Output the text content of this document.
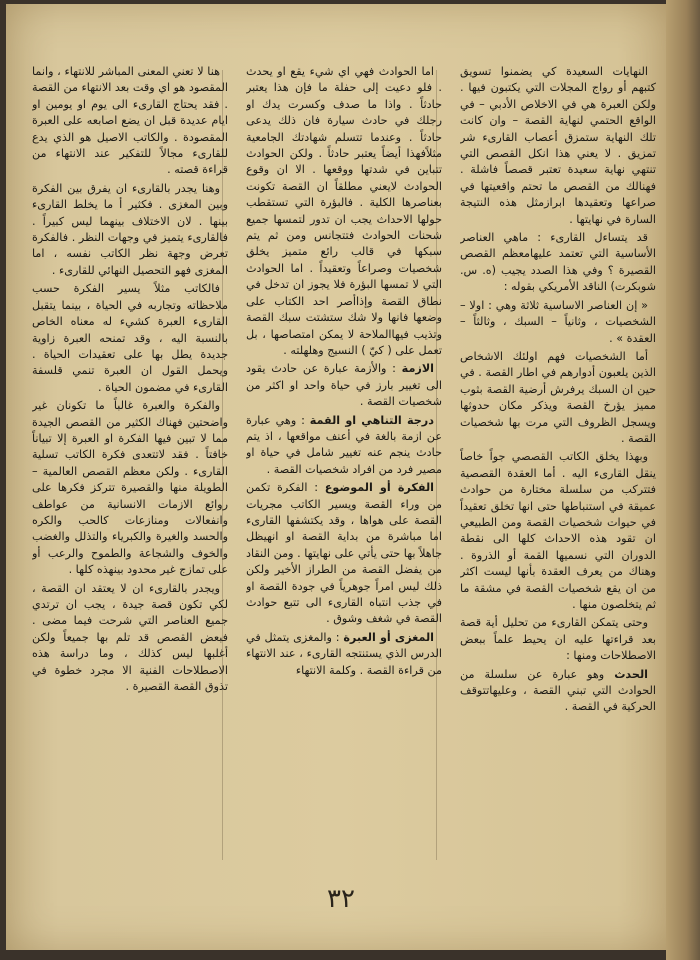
النهايات السعيدة كي يضمنوا تسويق كتبهم أو رواج المجلات التي يكتبون فيها . ولكن العبرة هي في الاخلاص الأدبي – في الواقع الحتمي لنهاية القصة – وان كانت تلك النهاية ستمزق أعصاب القارىء شر تمزيق . لا يعني هذا انكل القصص التي تنتهي نهاية سعيدة تعتبر قصصاً فاشلة . فهنالك من القصص ما تحتم واقعيتها في صراعها وتعقيدها ابرازمثل هذه النتيجة السارة في نهايتها .

قد يتساءل القارىء : ماهي العناصر الأساسية التي تعتمد عليهامعظم القصص القصيرة ؟ وفي هذا الصدد يجيب (ه. س. شوبكرت) الناقد الأمريكي بقوله :

« إن العناصر الاساسية ثلاثة وهي : اولا – الشخصيات ، وثانياً – السبك ، وثالثاً – العقدة » .

أما الشخصيات فهم اولئك الاشخاص الذين يلعبون أدوارهم في اطار القصة . في حين ان السبك يرفرش أرضية القصة بثوب مميز يؤرخ القصة ويذكر مكان حدوثها ويسجل الظروف التي مرت بها شخصيات القصة .

وبهذا يخلق الكاتب القصصي جواً خاصاً ينقل القارىء اليه . أما العقدة القصصية فتتركب من سلسلة مختارة من حوادث عميقة في استنباطها حتى انها تخلق تعقيداً في حيوات شخصيات القصة ومن الطبيعي ان تقود هذه الاحداث كلها الى نقطة الدوران التي نسميها القمة أو الذروة . وهناك من يعرف العقدة بأنها ليست اكثر من ان يقع شخصيات القصة في مشقة ما ثم يتخلصون منها .

وحتى يتمكن القارىء من تحليل أية قصة بعد قراءتها عليه ان يحيط علماً ببعض الاصطلاحات ومنها :

الحدث وهو عبارة عن سلسلة من الحوادث التي تبني القصة ، وعليهاتتوقف الحركية في القصة .

اما الحوادث فهي اي شيء يقع او يحدث . فلو دعيت إلى حفلة ما فإن هذا يعتبر حادثاً . واذا ما صدف وكسرت يدك او رجلك في حادث سيارة فان ذلك يدعى حادثاً . وعندما تتسلم شهادتك الجامعية مثلاًفهذا أيضاً يعتبر حادثاً . ولكن الحوادث تتباين في شدتها ووقعها . الا ان وقوع الحوادث لايعني مطلقاً ان القصة تكونت بعناصرها الكلية . فالبؤرة التي تستقطب حولها الاحداث يجب ان تدور لتمسها جميع شحنات الحوادث فتتجانس ومن ثم يتم سبكها في قالب رائع متميز يخلق شخصيات وصراعاً وتعقيداً . اما الحوادث التي لا تمسها البؤرة فلا يجوز ان تدخل في نطاق القصة وإذاأصر احد الكتاب على وضعها فانها ولا شك ستشتت سبك القصة وتذيب فيهاالملاحة لا يمكن امتصاصها ، بل تعمل على ( كيّ ) النسيج وهلهلته .

الازمة : والأزمة عبارة عن حادث يقود الى تغيير بارز في حياة واحد او اكثر من شخصيات القصة .

درجة التناهي او القمة : وهي عبارة عن ازمة بالغة في أعنف مواقعها ، اذ يتم حادث ينجم عنه تغيير شامل في حياة او مصير فرد من افراد شخصيات القصة .

الفكرة أو الموضوع : الفكرة تكمن من وراء القصة ويسير الكاتب مجريات القصة على هواها ، وقد يكتشفها القارىء اما مباشرة من بداية القصة او انهيظل جاهلاً بها حتى يأتي على نهايتها . ومن النقاد من يفضل القصة من الطراز الأخير ولكن ذلك ليس امراً جوهرياً في جودة القصة او في جذب انتباه القارىء الى تتبع حوادث القصة في شغف وشوق .

المغزى أو العبرة : والمغزى يتمثل في الدرس الذي يستنتجه القارىء ، عند الانتهاء من قراءة القصة . وكلمة الانتهاء

هنا لا تعني المعنى المباشر للانتهاء ، وانما المقصود هو اي وقت بعد الانتهاء من القصة . فقد يحتاج القارىء الى يوم او يومين او ايام عديدة قبل ان يضع اصابعه على العبرة المقصودة . والكاتب الاصيل هو الذي يدع للقارىء مجالاً للتفكير عند الانتهاء من قراءة قصته .

وهنا يجدر بالقارىء ان يفرق بين الفكرة وبين المغزى . فكثير أ ما يخلط القارىء بينها . لان الاختلاف بينهما ليس كبيراً . فالقارىء يتميز في وجهات النظر . فالفكرة تعرض وجهة نظر الكاتب نفسه ، اما المغزى فهو التحصيل النهائي للقارىء .

فالكاتب مثلاً يسير الفكرة حسب ملاحظاته وتجاربه في الحياة ، بينما يتقبل القارىء العبرة كشيء له معناه الخاص بالنسبة اليه ، وقد تمنحه العبرة زاوية جديدة يطل بها على تعقيدات الحياة . ويحمل القول ان العبرة تنمي قلسفة القارىء في مضمون الحياة .

والفكرة والعبرة غالباً ما تكونان غير واضحتين فهناك الكثير من القصص الجيدة مما لا تبين فيها الفكرة او العبرة إلا تبياناً خافتاً . فقد لاتتعدى فكرة الكاتب تسلية القارىء . ولكن معظم القصص العالمية – الطويلة منها والقصيرة تتركز فكرها على روائع الازمات الانسانية من عواطف وانفعالات ومنازعات كالحب والكره والحسد والغيرة والكبرياء والتذلل والغضب والخوف والشجاعة والطموح والرعب أو على تمازج غير محدود بينهذه كلها .

ويجدر بالقارىء ان لا يعتقد ان القصة ، لكي تكون قصة جيدة ، يجب ان ترتدي جميع العناصر التي شرحت فيما مضى . فبعض القصص قد تلم بها جميعاً ولكن أغلبها ليس كذلك ، وما دراسة هذه الاصطلاحات الفنية الا مجرد خطوة في تذوق القصة القصيرة .

٣٢
